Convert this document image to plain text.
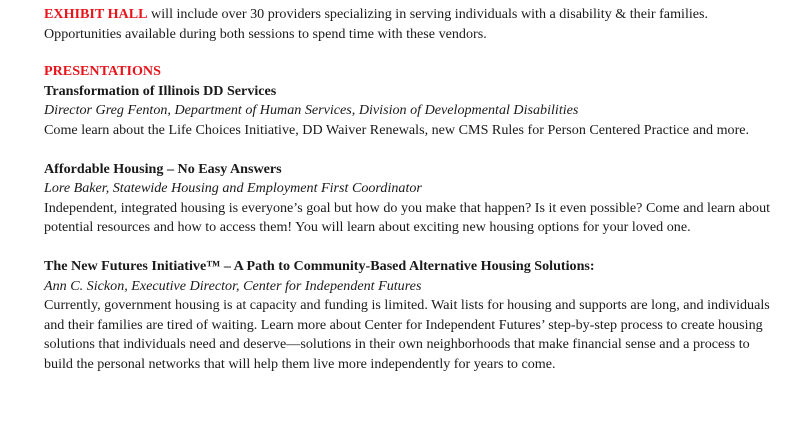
EXHIBIT HALL will include over 30 providers specializing in serving individuals with a disability & their families. Opportunities available during both sessions to spend time with these vendors.

PRESENTATIONS

Transformation of Illinois DD Services

Director Greg Fenton, Department of Human Services, Division of Developmental Disabilities

Come learn about the Life Choices Initiative, DD Waiver Renewals, new CMS Rules for Person Centered Practice and more.

Affordable Housing – No Easy Answers

Lore Baker, Statewide Housing and Employment First Coordinator

Independent, integrated housing is everyone’s goal but how do you make that happen? Is it even possible? Come and learn about potential resources and how to access them! You will learn about exciting new housing options for your loved one.

The New Futures Initiative™ – A Path to Community-Based Alternative Housing Solutions:

Ann C. Sickon, Executive Director, Center for Independent Futures

Currently, government housing is at capacity and funding is limited. Wait lists for housing and supports are long, and individuals and their families are tired of waiting. Learn more about Center for Independent Futures’ step-by-step process to create housing solutions that individuals need and deserve—solutions in their own neighborhoods that make financial sense and a process to build the personal networks that will help them live more independently for years to come.
